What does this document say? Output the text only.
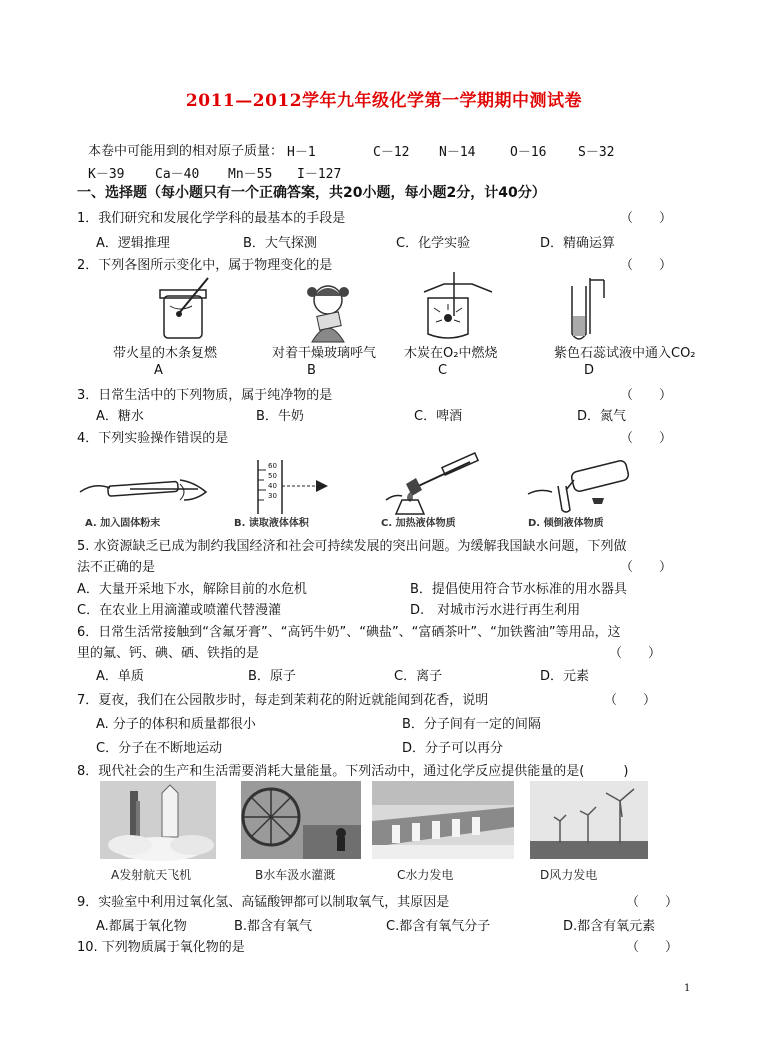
2011—2012学年九年级化学第一学期期中测试卷
本卷中可能用到的相对原子质量： H－1	C－12 N－14	O－16 S－32
K－39 Ca－40 Mn－55 I－127
一、选择题（每小题只有一个正确答案，共20小题，每小题2分，计40分）
1．我们研究和发展化学学科的最基本的手段是	（　　）
A．逻辑推理	B．大气探测	C．化学实验	D．精确运算
2．下列各图所示变化中，属于物理变化的是	（　　）
带火星的木条复燃	对着干燥玻璃呼气 木炭在O₂中燃烧	紫色石蕊试液中通入CO₂
A	B	C	D
3．日常生活中的下列物质，属于纯净物的是	（　　）
A．糖水	B．牛奶	C．啤酒	D．氮气
4．下列实验操作错误的是	（　　）
60
50
40
30
A. 加入固体粉末	B. 读取液体体积	C. 加热液体物质	D. 倾倒液体物质
5. 水资源缺乏已成为制约我国经济和社会可持续发展的突出问题。为缓解我国缺水问题，下列做
法不正确的是	（　　）
A．大量开采地下水，解除目前的水危机	B．提倡使用符合节水标准的用水器具
C．在农业上用滴灌或喷灌代替漫灌	D.　对城市污水进行再生利用
6．日常生活常接触到“含氟牙膏”、“高钙牛奶”、“碘盐”、“富硒茶叶”、“加铁酱油”等用品，这
里的氟、钙、碘、硒、铁指的是	（　　）
A．单质	B．原子	C．离子	D．元素
7．夏夜，我们在公园散步时，每走到茉莉花的附近就能闻到花香，说明	（　　）
A. 分子的体积和质量都很小	B．分子间有一定的间隔
C．分子在不断地运动	D．分子可以再分
8．现代社会的生产和生活需要消耗大量能量。下列活动中，通过化学反应提供能量的是(　　　)
A发射航天飞机	B水车汲水灌溉	C水力发电	D风力发电
9．实验室中利用过氧化氢、高锰酸钾都可以制取氧气，其原因是	（　　）
A.都属于氧化物	B.都含有氧气	C.都含有氧气分子	D.都含有氧元素
10. 下列物质属于氧化物的是	（　　）
1
